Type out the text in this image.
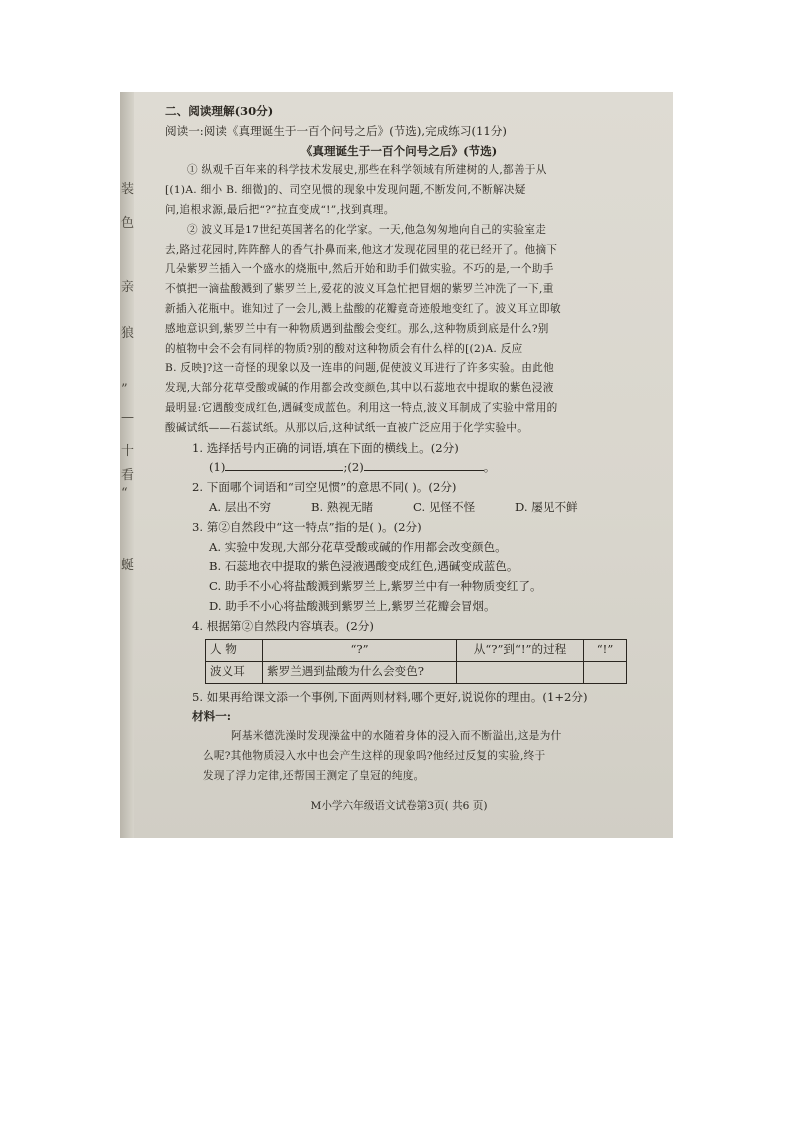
装
色
亲
狼
”
—
十
看
“
蜒
二、阅读理解(30分)
阅读一:阅读《真理诞生于一百个问号之后》(节选),完成练习(11分)
《真理诞生于一百个问号之后》(节选)
① 纵观千百年来的科学技术发展史,那些在科学领域有所建树的人,都善于从
[(1)A. 细小 B. 细微]的、司空见惯的现象中发现问题,不断发问,不断解决疑
问,追根求源,最后把“?”拉直变成“!”,找到真理。
② 波义耳是17世纪英国著名的化学家。一天,他急匆匆地向自己的实验室走
去,路过花园时,阵阵醉人的香气扑鼻而来,他这才发现花园里的花已经开了。他摘下
几朵紫罗兰插入一个盛水的烧瓶中,然后开始和助手们做实验。不巧的是,一个助手
不慎把一滴盐酸溅到了紫罗兰上,爱花的波义耳急忙把冒烟的紫罗兰冲洗了一下,重
新插入花瓶中。谁知过了一会儿,溅上盐酸的花瓣竟奇迹般地变红了。波义耳立即敏
感地意识到,紫罗兰中有一种物质遇到盐酸会变红。那么,这种物质到底是什么?别
的植物中会不会有同样的物质?别的酸对这种物质会有什么样的[(2)A. 反应
B. 反映]?这一奇怪的现象以及一连串的问题,促使波义耳进行了许多实验。由此他
发现,大部分花草受酸或碱的作用都会改变颜色,其中以石蕊地衣中提取的紫色浸液
最明显:它遇酸变成红色,遇碱变成蓝色。利用这一特点,波义耳制成了实验中常用的
酸碱试纸——石蕊试纸。从那以后,这种试纸一直被广泛应用于化学实验中。
1. 选择括号内正确的词语,填在下面的横线上。(2分)
(1)	;(2)	。
2. 下面哪个词语和“司空见惯”的意思不同( )。(2分)
A. 层出不穷	B. 熟视无睹	C. 见怪不怪	D. 屡见不鲜
3. 第②自然段中“这一特点”指的是( )。(2分)
A. 实验中发现,大部分花草受酸或碱的作用都会改变颜色。
B. 石蕊地衣中提取的紫色浸液遇酸变成红色,遇碱变成蓝色。
C. 助手不小心将盐酸溅到紫罗兰上,紫罗兰中有一种物质变红了。
D. 助手不小心将盐酸溅到紫罗兰上,紫罗兰花瓣会冒烟。
4. 根据第②自然段内容填表。(2分)
人 物	“?”	从“?”到“!”的过程	“!”
波义耳	紫罗兰遇到盐酸为什么会变色?		
5. 如果再给课文添一个事例,下面两则材料,哪个更好,说说你的理由。(1+2分)
材料一:
阿基米德洗澡时发现澡盆中的水随着身体的浸入而不断溢出,这是为什
么呢?其他物质浸入水中也会产生这样的现象吗?他经过反复的实验,终于
发现了浮力定律,还帮国王测定了皇冠的纯度。
M小学六年级语文试卷第3页( 共6 页)
